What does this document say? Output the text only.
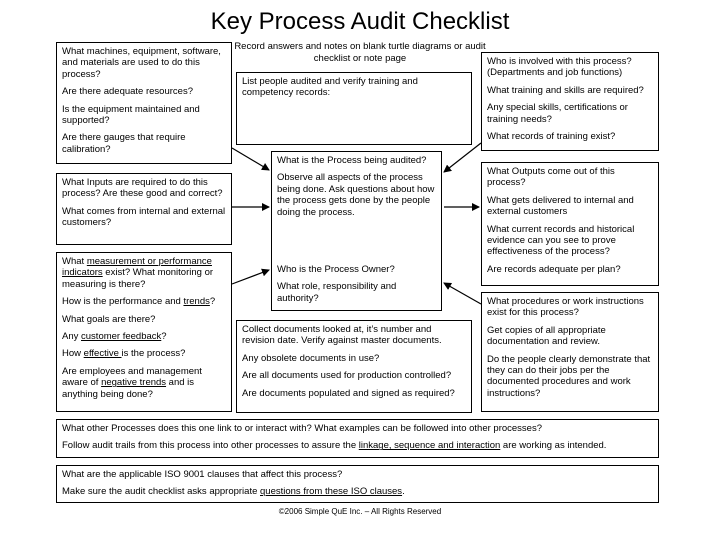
Key Process Audit Checklist
Record answers and notes on blank turtle diagrams or audit checklist or note page

What machines, equipment, software, and materials are used to do this process?

Are there adequate resources?

Is the equipment maintained and supported?

Are there gauges that require calibration?

What Inputs are required to do this process? Are these good and correct?

What comes from internal and external customers?

What measurement or performance indicators exist? What monitoring or measuring is there?

How is the performance and trends?

What goals are there?

Any customer feedback?

How effective is the process?

Are employees and management aware of negative trends and is anything being done?

List people audited and verify training and competency records:

What is the Process being audited?

Observe all aspects of the process being done. Ask questions about how the process gets done by the people doing the process.

Who is the Process Owner?

What role, responsibility and authority?

Collect documents looked at, it’s number and revision date. Verify against master documents.

Any obsolete documents in use?

Are all documents used for production controlled?

Are documents populated and signed as required?

Who is involved with this process? (Departments and job functions)

What training and skills are required?

Any special skills, certifications or training needs?

What records of training exist?

What Outputs come out of this process?

What gets delivered to internal and external customers

What current records and historical evidence can you see to prove effectiveness of the process?

Are records adequate per plan?

What procedures or work instructions exist for this process?

Get copies of all appropriate documentation and review.

Do the people clearly demonstrate that they can do their jobs per the documented procedures and work instructions?

What other Processes does this one link to or interact with? What examples can be followed into other processes?

Follow audit trails from this process into other processes to assure the linkage, sequence and interaction are working as intended.

What are the applicable ISO 9001 clauses that affect this process?

Make sure the audit checklist asks appropriate questions from these ISO clauses.

©2006 Simple QuE Inc. – All Rights Reserved
